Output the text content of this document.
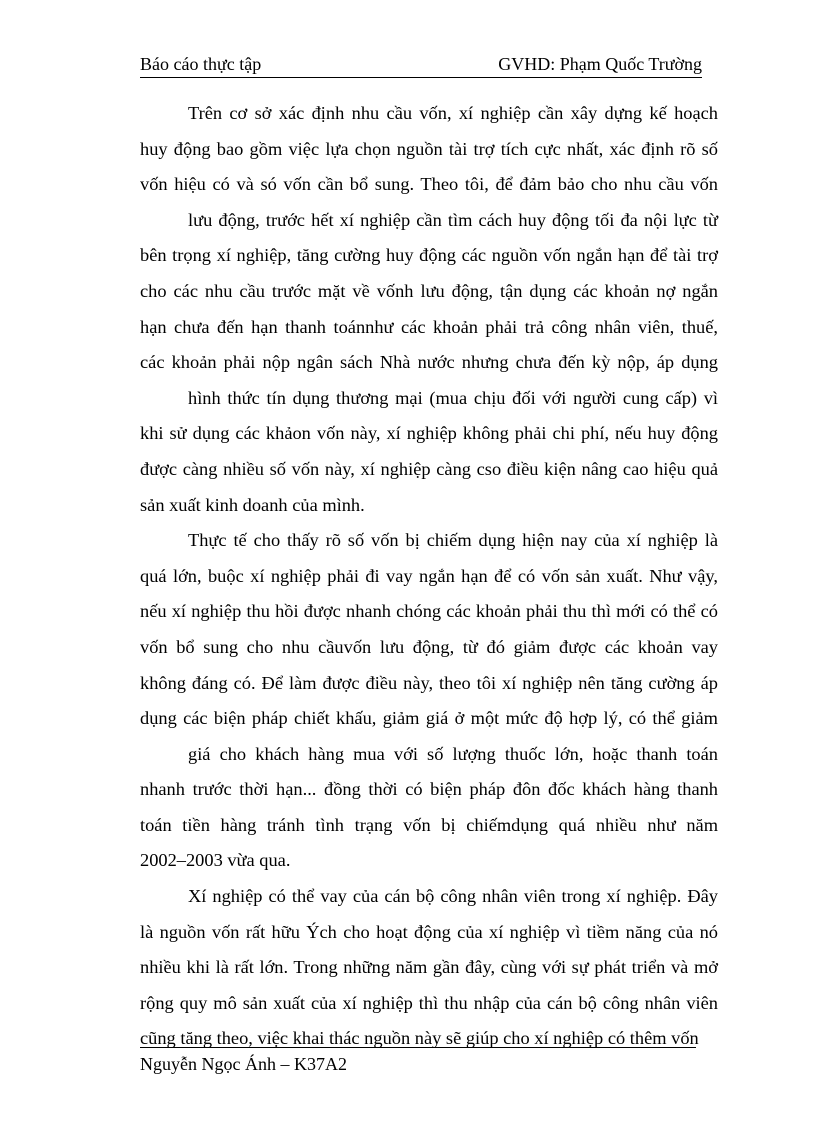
Báo cáo thực tập	GVHD: Phạm Quốc Trường
Trên cơ sở xác định nhu cầu vốn, xí nghiệp cần xây dựng kế hoạch
huy động bao gồm việc lựa chọn nguồn tài trợ tích cực nhất, xác định rõ số
vốn hiệu có và só vốn cần bổ sung. Theo tôi, để đảm bảo cho nhu cầu vốn
lưu động, trước hết xí nghiệp cần tìm cách huy động tối đa nội lực từ
bên trọng xí nghiệp, tăng cường huy động các nguồn vốn ngắn hạn để tài trợ
cho các nhu cầu trước mặt về vốnh lưu động, tận dụng các khoản nợ ngắn
hạn chưa đến hạn thanh toánnhư các khoản phải trả công nhân viên, thuế,
các khoản phải nộp ngân sách Nhà nước nhưng chưa đến kỳ nộp, áp dụng
hình thức tín dụng thương mại (mua chịu đối với người cung cấp) vì
khi sử dụng các khảon vốn này, xí nghiệp không phải chi phí, nếu huy động
được càng nhiều số vốn này, xí nghiệp càng cso điều kiện nâng cao hiệu quả
sản xuất kinh doanh của mình.
Thực tế cho thấy rõ số vốn bị chiếm dụng hiện nay của xí nghiệp là
quá lớn, buộc xí nghiệp phải đi vay ngắn hạn để có vốn sản xuất. Như vậy,
nếu xí nghiệp thu hồi được nhanh chóng các khoản phải thu thì mới có thể có
vốn bổ sung cho nhu cầuvốn lưu động, từ đó giảm được các khoản vay
không đáng có. Để làm được điều này, theo tôi xí nghiệp nên tăng cường áp
dụng các biện pháp chiết khấu, giảm giá ở một mức độ hợp lý, có thể giảm
giá cho khách hàng mua với số lượng thuốc lớn, hoặc thanh toán
nhanh trước thời hạn... đồng thời có biện pháp đôn đốc khách hàng thanh
toán tiền hàng tránh tình trạng vốn bị chiếmdụng quá nhiều như năm
2002–2003 vừa qua.
Xí nghiệp có thể vay của cán bộ công nhân viên trong xí nghiệp. Đây
là nguồn vốn rất hữu Ých cho hoạt động của xí nghiệp vì tiềm năng của nó
nhiều khi là rất lớn. Trong những năm gần đây, cùng với sự phát triển và mở
rộng quy mô sản xuất của xí nghiệp thì thu nhập của cán bộ công nhân viên
cũng tăng theo, việc khai thác nguồn này sẽ giúp cho xí nghiệp có thêm vốn
Nguyễn Ngọc Ánh – K37A2
